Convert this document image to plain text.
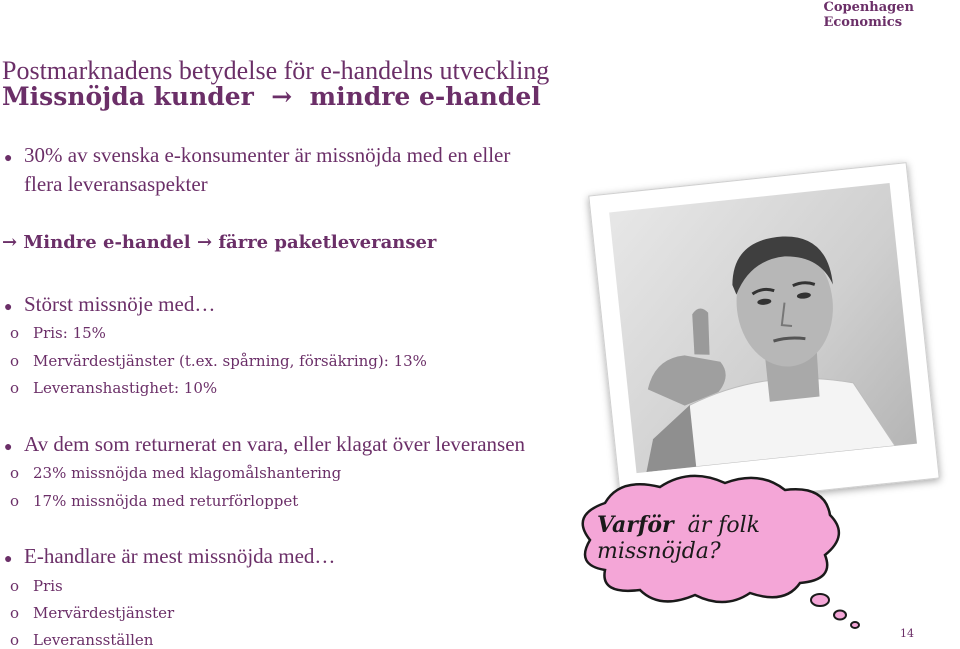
Copenhagen
Economics
Postmarknadens betydelse för e-handelns utveckling
Missnöjda kunder  →  mindre e-handel
● 30% av svenska e-konsumenter är missnöjda med en eller
flera leveransaspekter
→ Mindre e-handel → färre paketleveranser
● Störst missnöje med…
o Pris: 15%
o Mervärdestjänster (t.ex. spårning, försäkring): 13%
o Leveranshastighet: 10%
● Av dem som returnerat en vara, eller klagat över leveransen
o 23% missnöjda med klagomålshantering
o 17% missnöjda med returförloppet
● E-handlare är mest missnöjda med…
o Pris
o Mervärdestjänster
o Leveransställen
Varför är folk
missnöjda?
14
